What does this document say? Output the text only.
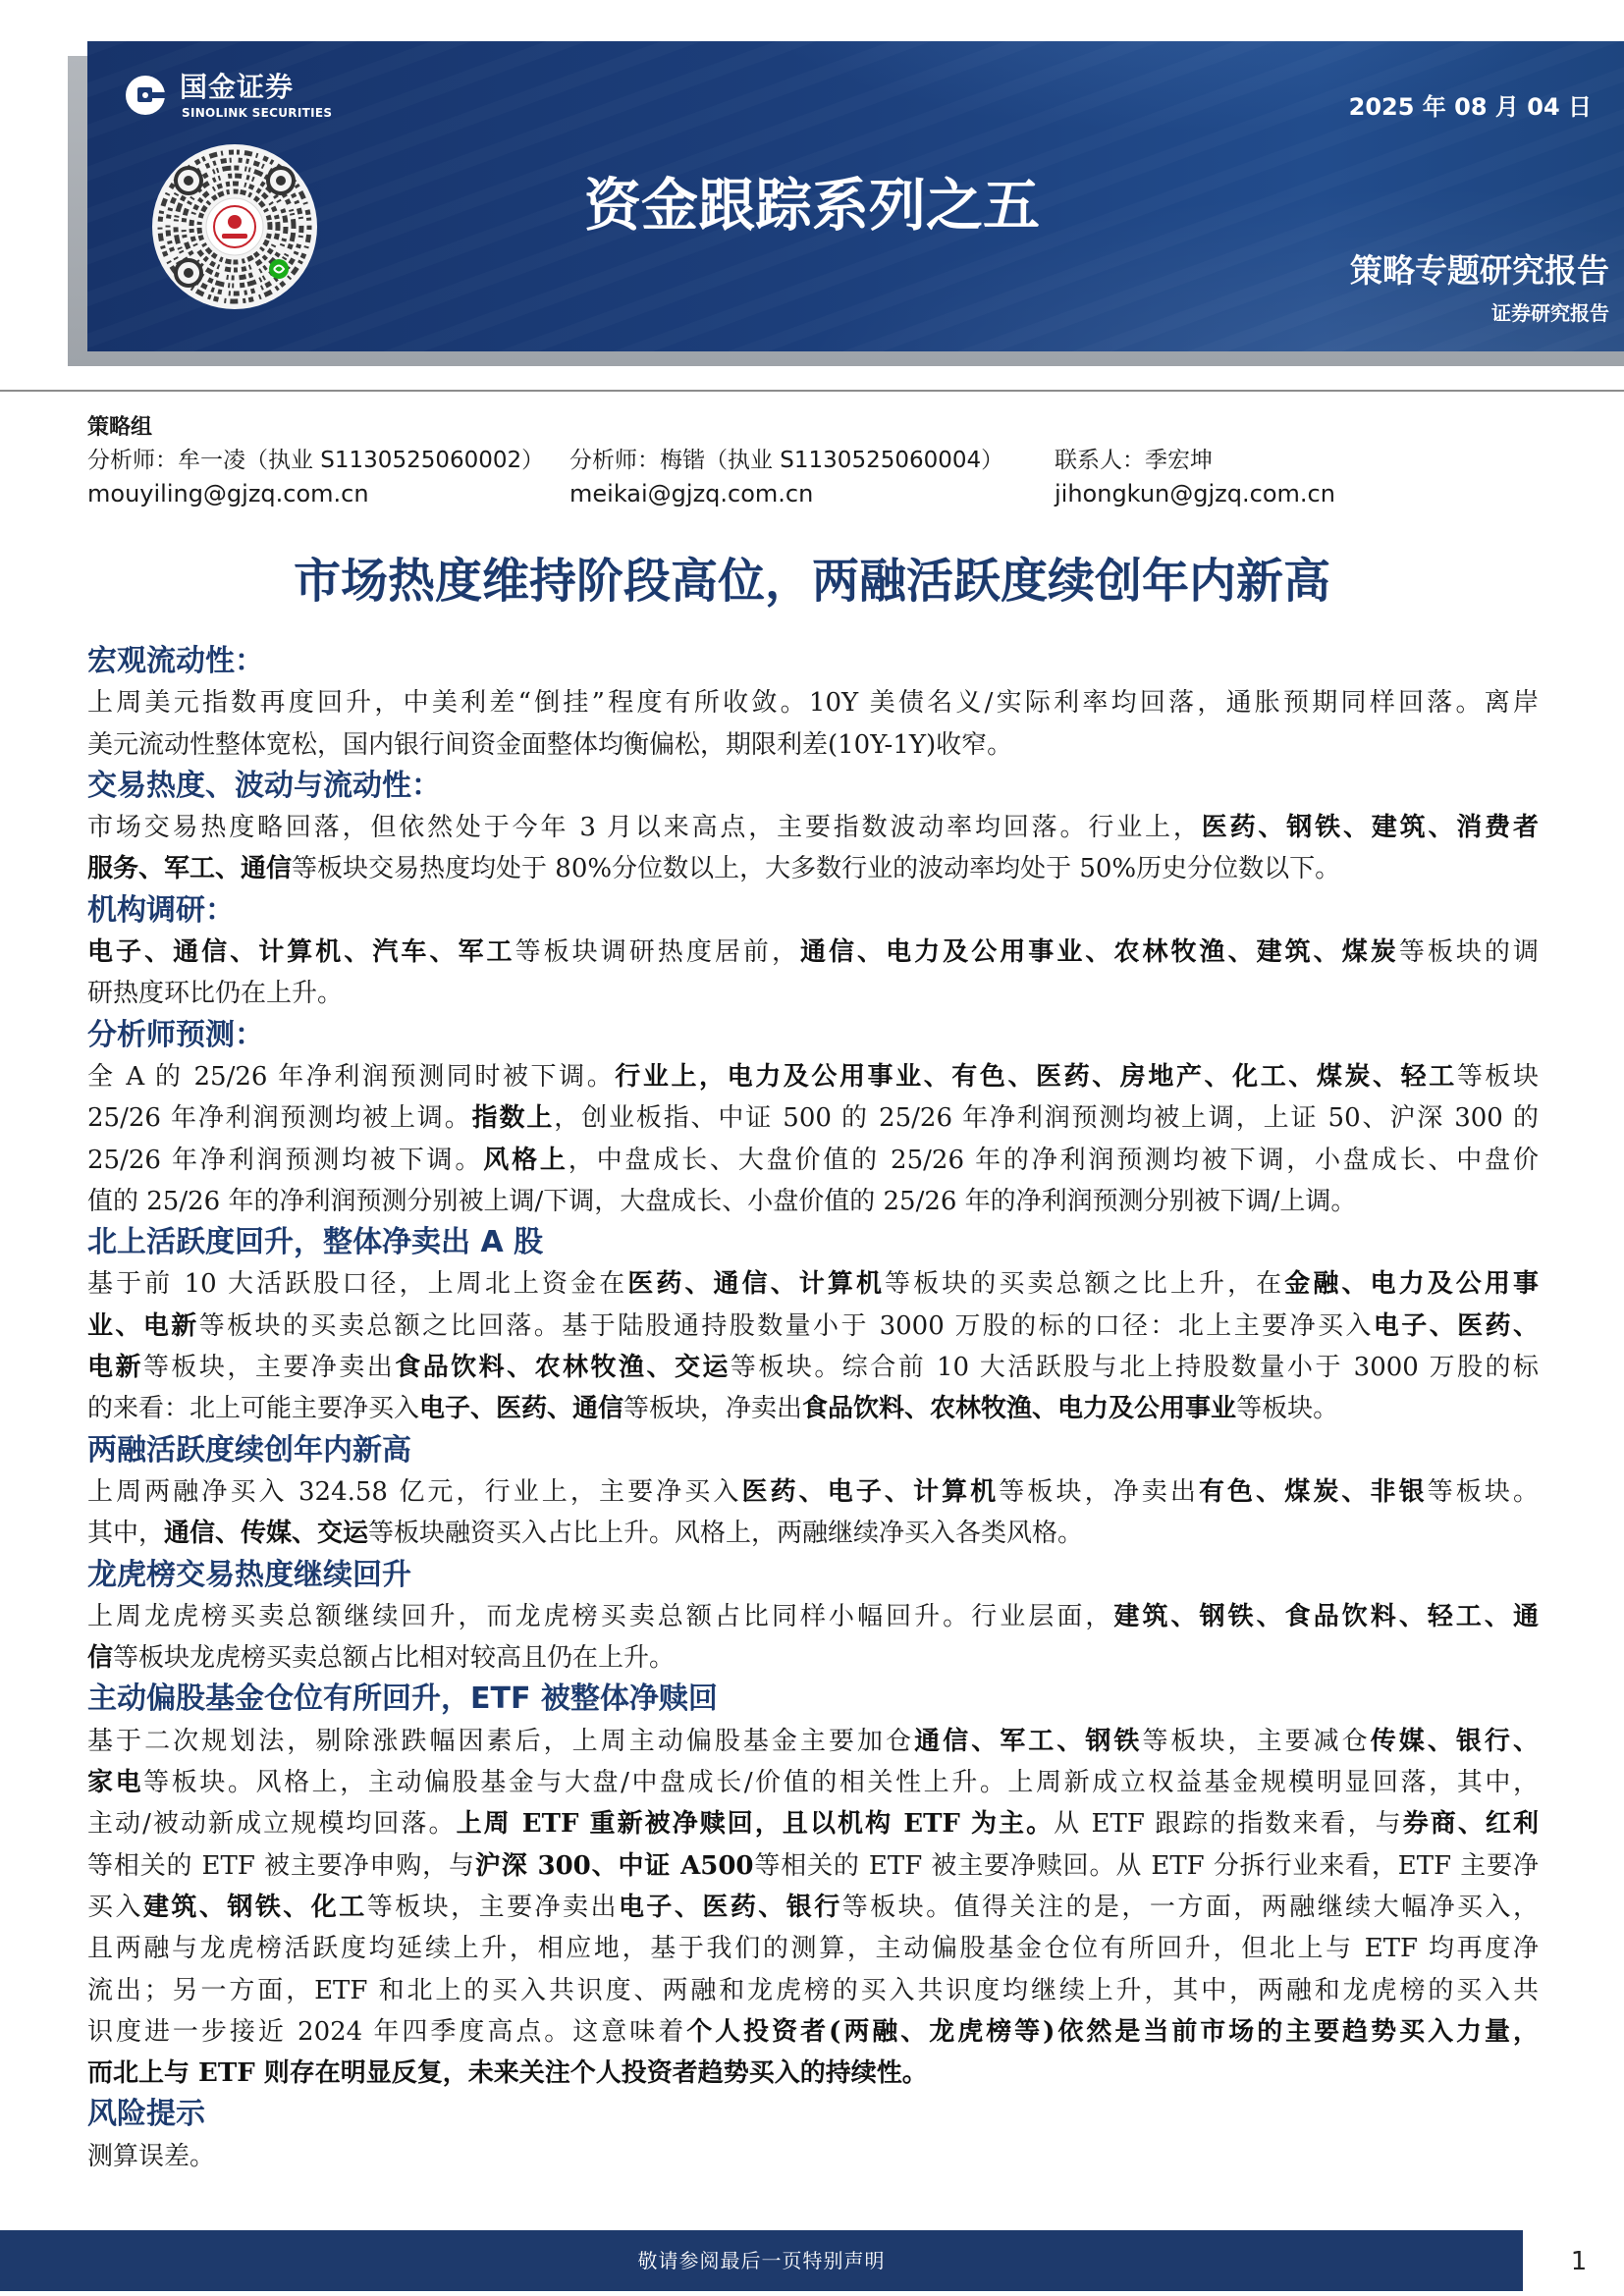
国金证券
SINOLINK SECURITIES	2025 年 08 月 04 日
资金跟踪系列之五
策略专题研究报告
证券研究报告
策略组
分析师：牟一凌（执业 S1130525060002） 分析师：梅锴（执业 S1130525060004） 联系人：季宏坤
mouyiling@gjzq.com.cn	meikai@gjzq.com.cn	jihongkun@gjzq.com.cn
市场热度维持阶段高位，两融活跃度续创年内新高
宏观流动性：
上周美元指数再度回升，中美利差“倒挂”程度有所收敛。10Y 美债名义/实际利率均回落，通胀预期同样回落。离岸
美元流动性整体宽松，国内银行间资金面整体均衡偏松，期限利差(10Y-1Y)收窄。
交易热度、波动与流动性：
市场交易热度略回落，但依然处于今年 3 月以来高点，主要指数波动率均回落。行业上，医药、钢铁、建筑、消费者
服务、军工、通信等板块交易热度均处于 80%分位数以上，大多数行业的波动率均处于 50%历史分位数以下。
机构调研：
电子、通信、计算机、汽车、军工等板块调研热度居前，通信、电力及公用事业、农林牧渔、建筑、煤炭等板块的调
研热度环比仍在上升。
分析师预测：
全 A 的 25/26 年净利润预测同时被下调。行业上，电力及公用事业、有色、医药、房地产、化工、煤炭、轻工等板块
25/26 年净利润预测均被上调。指数上，创业板指、中证 500 的 25/26 年净利润预测均被上调，上证 50、沪深 300 的
25/26 年净利润预测均被下调。风格上，中盘成长、大盘价值的 25/26 年的净利润预测均被下调，小盘成长、中盘价
值的 25/26 年的净利润预测分别被上调/下调，大盘成长、小盘价值的 25/26 年的净利润预测分别被下调/上调。
北上活跃度回升，整体净卖出 A 股
基于前 10 大活跃股口径，上周北上资金在医药、通信、计算机等板块的买卖总额之比上升，在金融、电力及公用事
业、电新等板块的买卖总额之比回落。基于陆股通持股数量小于 3000 万股的标的口径：北上主要净买入电子、医药、
电新等板块，主要净卖出食品饮料、农林牧渔、交运等板块。综合前 10 大活跃股与北上持股数量小于 3000 万股的标
的来看：北上可能主要净买入电子、医药、通信等板块，净卖出食品饮料、农林牧渔、电力及公用事业等板块。
两融活跃度续创年内新高
上周两融净买入 324.58 亿元，行业上，主要净买入医药、电子、计算机等板块，净卖出有色、煤炭、非银等板块。
其中，通信、传媒、交运等板块融资买入占比上升。风格上，两融继续净买入各类风格。
龙虎榜交易热度继续回升
上周龙虎榜买卖总额继续回升，而龙虎榜买卖总额占比同样小幅回升。行业层面，建筑、钢铁、食品饮料、轻工、通
信等板块龙虎榜买卖总额占比相对较高且仍在上升。
主动偏股基金仓位有所回升，ETF 被整体净赎回
基于二次规划法，剔除涨跌幅因素后，上周主动偏股基金主要加仓通信、军工、钢铁等板块，主要减仓传媒、银行、
家电等板块。风格上，主动偏股基金与大盘/中盘成长/价值的相关性上升。上周新成立权益基金规模明显回落，其中，
主动/被动新成立规模均回落。上周 ETF 重新被净赎回，且以机构 ETF 为主。从 ETF 跟踪的指数来看，与券商、红利
等相关的 ETF 被主要净申购，与沪深 300、中证 A500等相关的 ETF 被主要净赎回。从 ETF 分拆行业来看，ETF 主要净
买入建筑、钢铁、化工等板块，主要净卖出电子、医药、银行等板块。值得关注的是，一方面，两融继续大幅净买入，
且两融与龙虎榜活跃度均延续上升，相应地，基于我们的测算，主动偏股基金仓位有所回升，但北上与 ETF 均再度净
流出；另一方面，ETF 和北上的买入共识度、两融和龙虎榜的买入共识度均继续上升，其中，两融和龙虎榜的买入共
识度进一步接近 2024 年四季度高点。这意味着个人投资者(两融、龙虎榜等)依然是当前市场的主要趋势买入力量，
而北上与 ETF 则存在明显反复，未来关注个人投资者趋势买入的持续性。
风险提示
测算误差。
敬请参阅最后一页特别声明	1
